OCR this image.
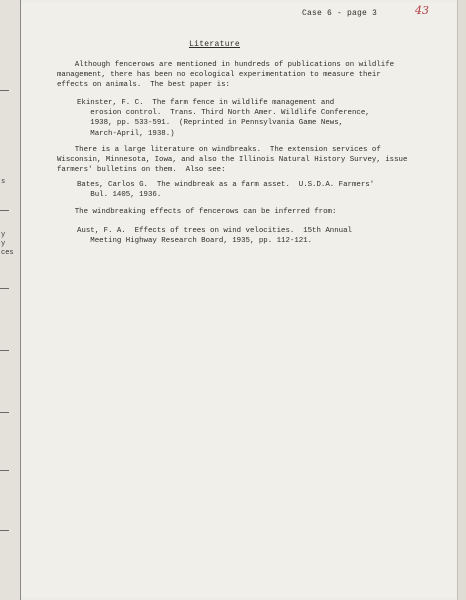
s
y
y
ces
Case 6 - page 3	43
Literature
Although fencerows are mentioned in hundreds of publications on wildlife
management, there has been no ecological experimentation to measure their
effects on animals.  The best paper is:
Ekinster, F. C.  The farm fence in wildlife management and
erosion control.  Trans. Third North Amer. Wildlife Conference,
1938, pp. 533-591.  (Reprinted in Pennsylvania Game News,
March-April, 1938.)
There is a large literature on windbreaks.  The extension services of
Wisconsin, Minnesota, Iowa, and also the Illinois Natural History Survey, issue
farmers' bulletins on them.  Also see:
Bates, Carlos G.  The windbreak as a farm asset.  U.S.D.A. Farmers'
Bul. 1405, 1936.
The windbreaking effects of fencerows can be inferred from:
Aust, F. A.  Effects of trees on wind velocities.  15th Annual
Meeting Highway Research Board, 1935, pp. 112-121.
